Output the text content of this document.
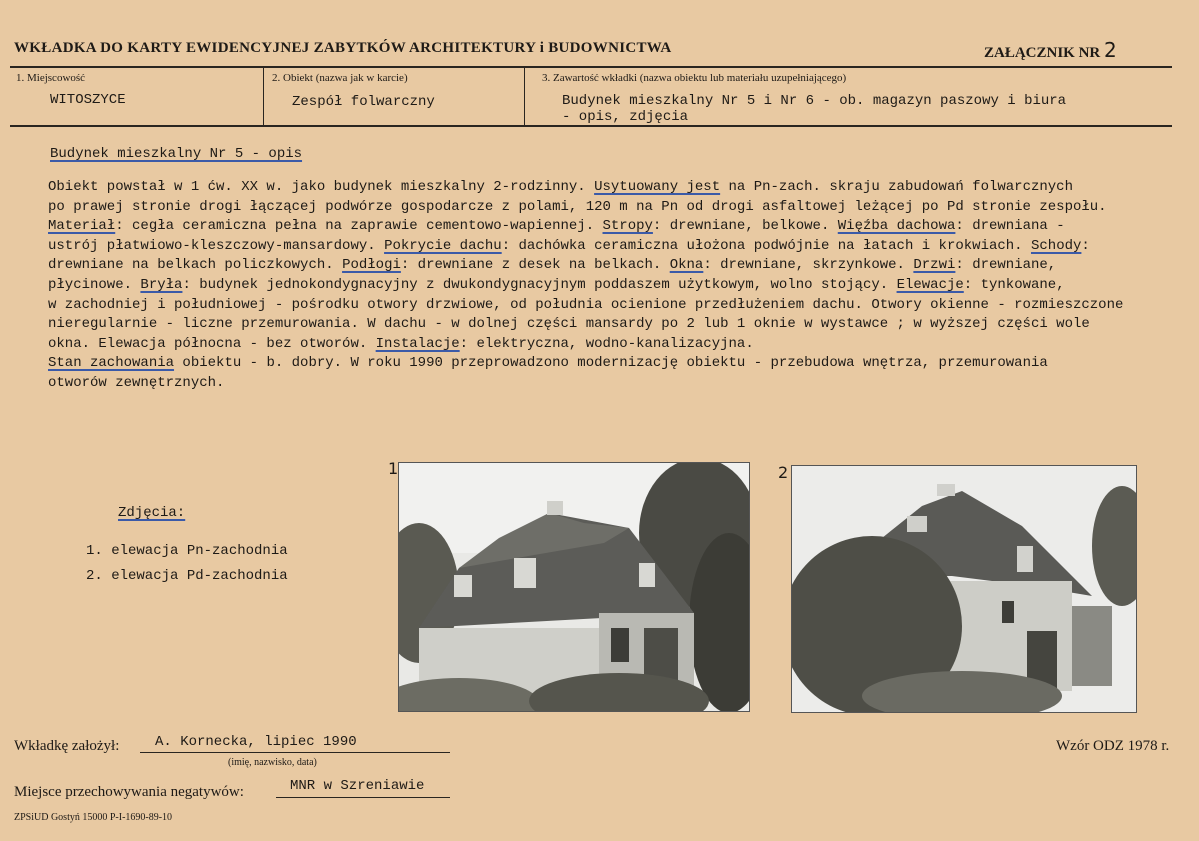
WKŁADKA DO KARTY EWIDENCYJNEJ ZABYTKÓW ARCHITEKTURY i BUDOWNICTWA	ZAŁĄCZNIK NR 2
1. Miejscowość
WITOSZYCE
2. Obiekt (nazwa jak w karcie)
Zespół folwarczny
3. Zawartość wkładki (nazwa obiektu lub materiału uzupełniającego)
Budynek mieszkalny Nr 5 i Nr 6 - ob. magazyn paszowy i biura
- opis, zdjęcia
Budynek mieszkalny Nr 5 - opis
Obiekt powstał w 1 ćw. XX w. jako budynek mieszkalny 2-rodzinny. Usytuowany jest na Pn-zach. skraju zabudowań folwarcznych
po prawej stronie drogi łączącej podwórze gospodarcze z polami, 120 m na Pn od drogi asfaltowej leżącej po Pd stronie zespołu.
Materiał: cegła ceramiczna pełna na zaprawie cementowo-wapiennej. Stropy: drewniane, belkowe. Więźba dachowa: drewniana -
ustrój płatwiowo-kleszczowy-mansardowy. Pokrycie dachu: dachówka ceramiczna ułożona podwójnie na łatach i krokwiach. Schody:
drewniane na belkach policzkowych. Podłogi: drewniane z desek na belkach. Okna: drewniane, skrzynkowe. Drzwi: drewniane,
płycinowe. Bryła: budynek jednokondygnacyjny z dwukondygnacyjnym poddaszem użytkowym, wolno stojący. Elewacje: tynkowane,
w zachodniej i południowej - pośrodku otwory drzwiowe, od południa ocienione przedłużeniem dachu. Otwory okienne - rozmieszczone
nieregularnie - liczne przemurowania. W dachu - w dolnej części mansardy po 2 lub 1 oknie w wystawce ; w wyższej części wole
okna. Elewacja północna - bez otworów. Instalacje: elektryczna, wodno-kanalizacyjna.
Stan zachowania obiektu - b. dobry. W roku 1990 przeprowadzono modernizację obiektu - przebudowa wnętrza, przemurowania
otworów zewnętrznych.
Zdjęcia:
1. elewacja Pn-zachodnia
2. elewacja Pd-zachodnia
1	2
Wkładkę założył:	A. Kornecka, lipiec 1990
(imię, nazwisko, data)
Wzór ODZ 1978 r.
Miejsce przechowywania negatywów:	MNR w Szreniawie
ZPSiUD Gostyń 15000 P-I-1690-89-10
